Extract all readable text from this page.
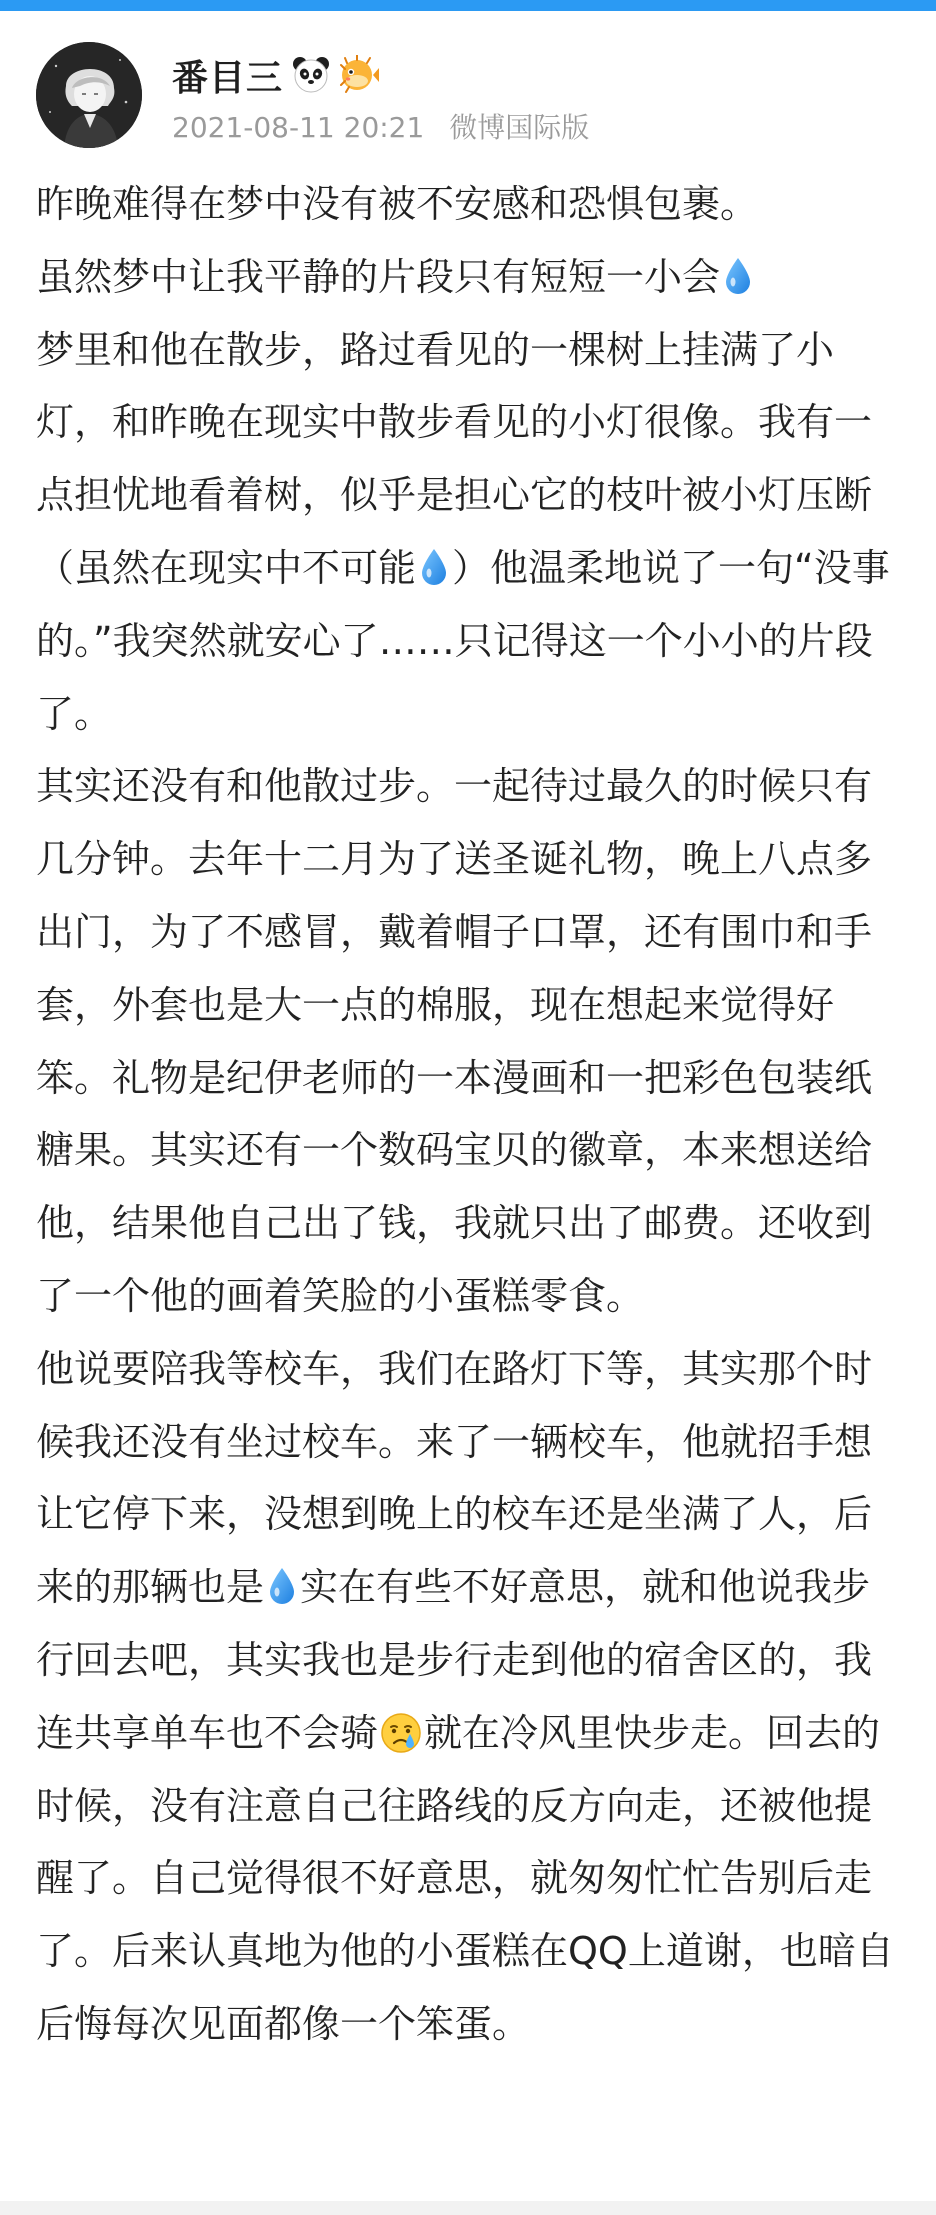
番目三
2021-08-11 20:21 微博国际版

昨晚难得在梦中没有被不安感和恐惧包裹。

虽然梦中让我平静的片段只有短短一小会

梦里和他在散步，路过看见的一棵树上挂满了小灯，和昨晚在现实中散步看见的小灯很像。我有一点担忧地看着树，似乎是担心它的枝叶被小灯压断（虽然在现实中不可能 ）他温柔地说了一句“没事的。”我突然就安心了……只记得这一个小小的片段了。

其实还没有和他散过步。一起待过最久的时候只有几分钟。去年十二月为了送圣诞礼物，晚上八点多出门，为了不感冒，戴着帽子口罩，还有围巾和手套，外套也是大一点的棉服，现在想起来觉得好笨。礼物是纪伊老师的一本漫画和一把彩色包装纸糖果。其实还有一个数码宝贝的徽章，本来想送给他，结果他自己出了钱，我就只出了邮费。还收到了一个他的画着笑脸的小蛋糕零食。

他说要陪我等校车，我们在路灯下等，其实那个时候我还没有坐过校车。来了一辆校车，他就招手想让它停下来，没想到晚上的校车还是坐满了人，后来的那辆也是 实在有些不好意思，就和他说我步行回去吧，其实我也是步行走到他的宿舍区的，我连共享单车也不会骑 就在冷风里快步走。回去的时候，没有注意自己往路线的反方向走，还被他提醒了。自己觉得很不好意思，就匆匆忙忙告别后走了。后来认真地为他的小蛋糕在QQ上道谢，也暗自后悔每次见面都像一个笨蛋。
